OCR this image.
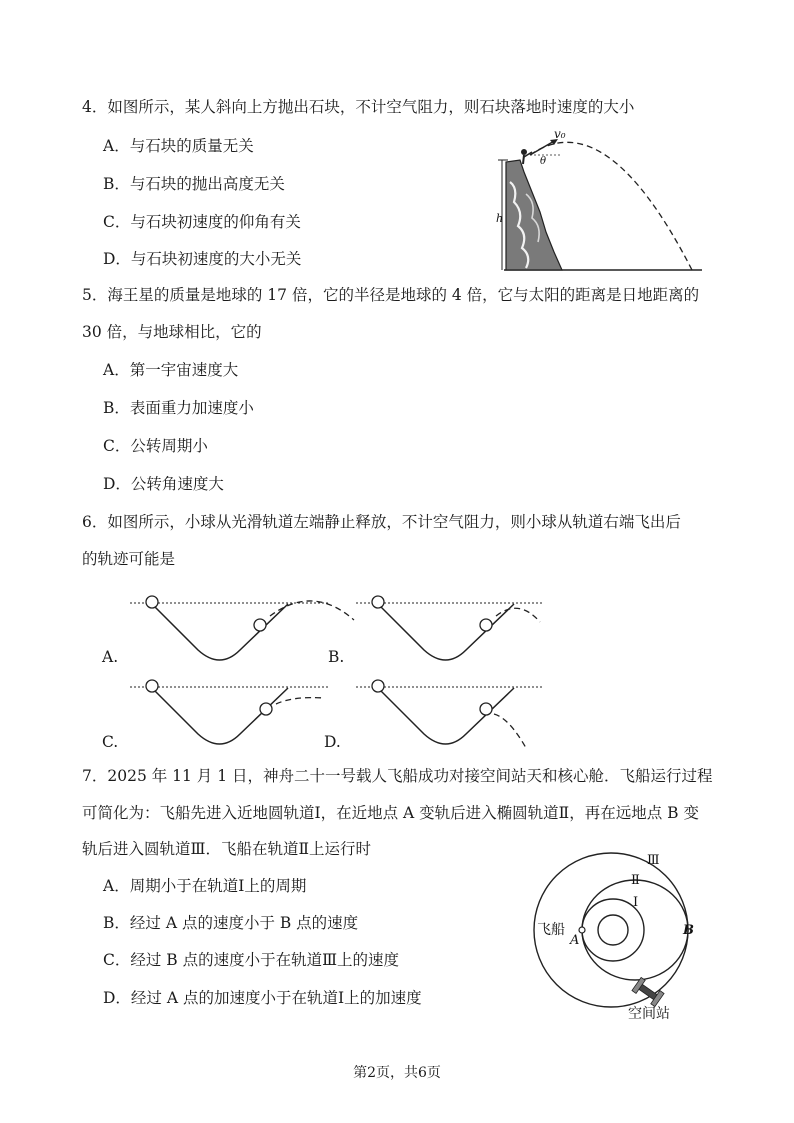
4．如图所示，某人斜向上方抛出石块，不计空气阻力，则石块落地时速度的大小
A．与石块的质量无关
B．与石块的抛出高度无关
C．与石块初速度的仰角有关
D．与石块初速度的大小无关
h
v₀
θ
5．海王星的质量是地球的 17 倍，它的半径是地球的 4 倍，它与太阳的距离是日地距离的
30 倍，与地球相比，它的
A．第一宇宙速度大
B．表面重力加速度小
C．公转周期小
D．公转角速度大
6．如图所示，小球从光滑轨道左端静止释放，不计空气阻力，则小球从轨道右端飞出后
的轨迹可能是
A.	B.
C.	D.
7．2025 年 11 月 1 日，神舟二十一号载人飞船成功对接空间站天和核心舱．飞船运行过程
可简化为：飞船先进入近地圆轨道Ⅰ，在近地点 A 变轨后进入椭圆轨道Ⅱ，再在远地点 B 变
轨后进入圆轨道Ⅲ．飞船在轨道Ⅱ上运行时
A．周期小于在轨道Ⅰ上的周期
B．经过 A 点的速度小于 B 点的速度
C．经过 B 点的速度小于在轨道Ⅲ上的速度
D．经过 A 点的加速度小于在轨道Ⅰ上的加速度
A
飞船	B
Ⅲ
Ⅱ
Ⅰ
空间站
第2页，共6页
